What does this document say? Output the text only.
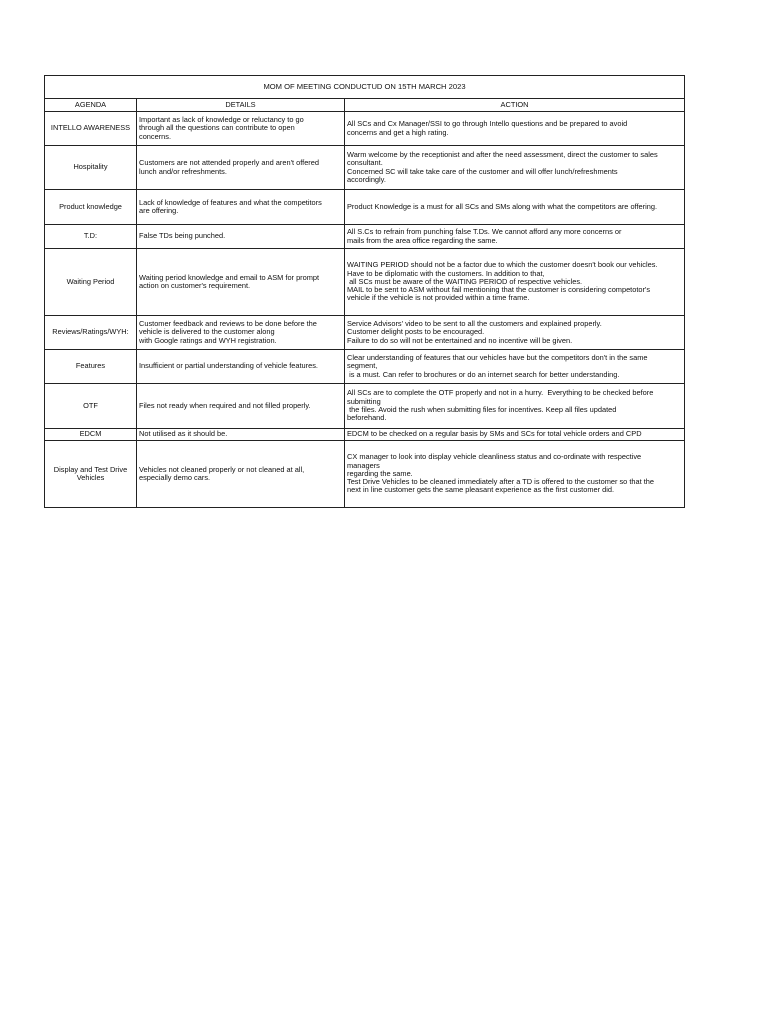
MOM OF MEETING CONDUCTUD ON 15TH MARCH 2023		
AGENDA	DETAILS	ACTION
INTELLO AWARENESS	Important as lack of knowledge or reluctancy to go
through all the questions can contribute to open
concerns.	All SCs and Cx Manager/SSI to go through Intello questions and be prepared to avoid
concerns and get a high rating.

Hospitality	Customers are not attended properly and aren't offered
lunch and/or refreshments.	Warm welcome by the receptionist and after the need assessment, direct the customer to sales
consultant.
Concerned SC will take take care of the customer and will offer lunch/refreshments
accordingly.

Product knowledge	Lack of knowledge of features and what the competitors
are offering.	Product Knowledge is a must for all SCs and SMs along with what the competitors are offering.

T.D:	False TDs being punched.	All S.Cs to refrain from punching false T.Ds. We cannot afford any more concerns or
mails from the area office regarding the same.

Waiting Period	Waiting period knowledge and email to ASM for prompt
action on customer's requirement.	WAITING PERIOD should not be a factor due to which the customer doesn't book our vehicles.
Have to be diplomatic with the customers. In addition to that,
all SCs must be aware of the WAITING PERIOD of respective vehicles.
MAIL to be sent to ASM without fail mentioning that the customer is considering competotor's
vehicle if the vehicle is not provided within a time frame.

Reviews/Ratings/WYH:	Customer feedback and reviews to be done before the
vehicle is delivered to the customer along
with Google ratings and WYH registration.	Service Advisors' video to be sent to all the customers and explained properly.
Customer delight posts to be encouraged.
Failure to do so will not be entertained and no incentive will be given.

Features	Insufficient or partial understanding of vehicle features.	Clear understanding of features that our vehicles have but the competitors don't in the same
segment,
is a must. Can refer to brochures or do an internet search for better understanding.

OTF	Files not ready when required and not filled properly.	All SCs are to complete the OTF properly and not in a hurry.  Everything to be checked before
submitting
the files. Avoid the rush when submitting files for incentives. Keep all files updated
beforehand.

EDCM	Not utilised as it should be.	EDCM to be checked on a regular basis by SMs and SCs for total vehicle orders and CPD

Display and Test Drive Vehicles	Vehicles not cleaned properly or not cleaned at all,
especially demo cars.	CX manager to look into display vehicle cleanliness status and co-ordinate with respective
managers
regarding the same.
Test Drive Vehicles to be cleaned immediately after a TD is offered to the customer so that the
next in line customer gets the same pleasant experience as the first customer did.
